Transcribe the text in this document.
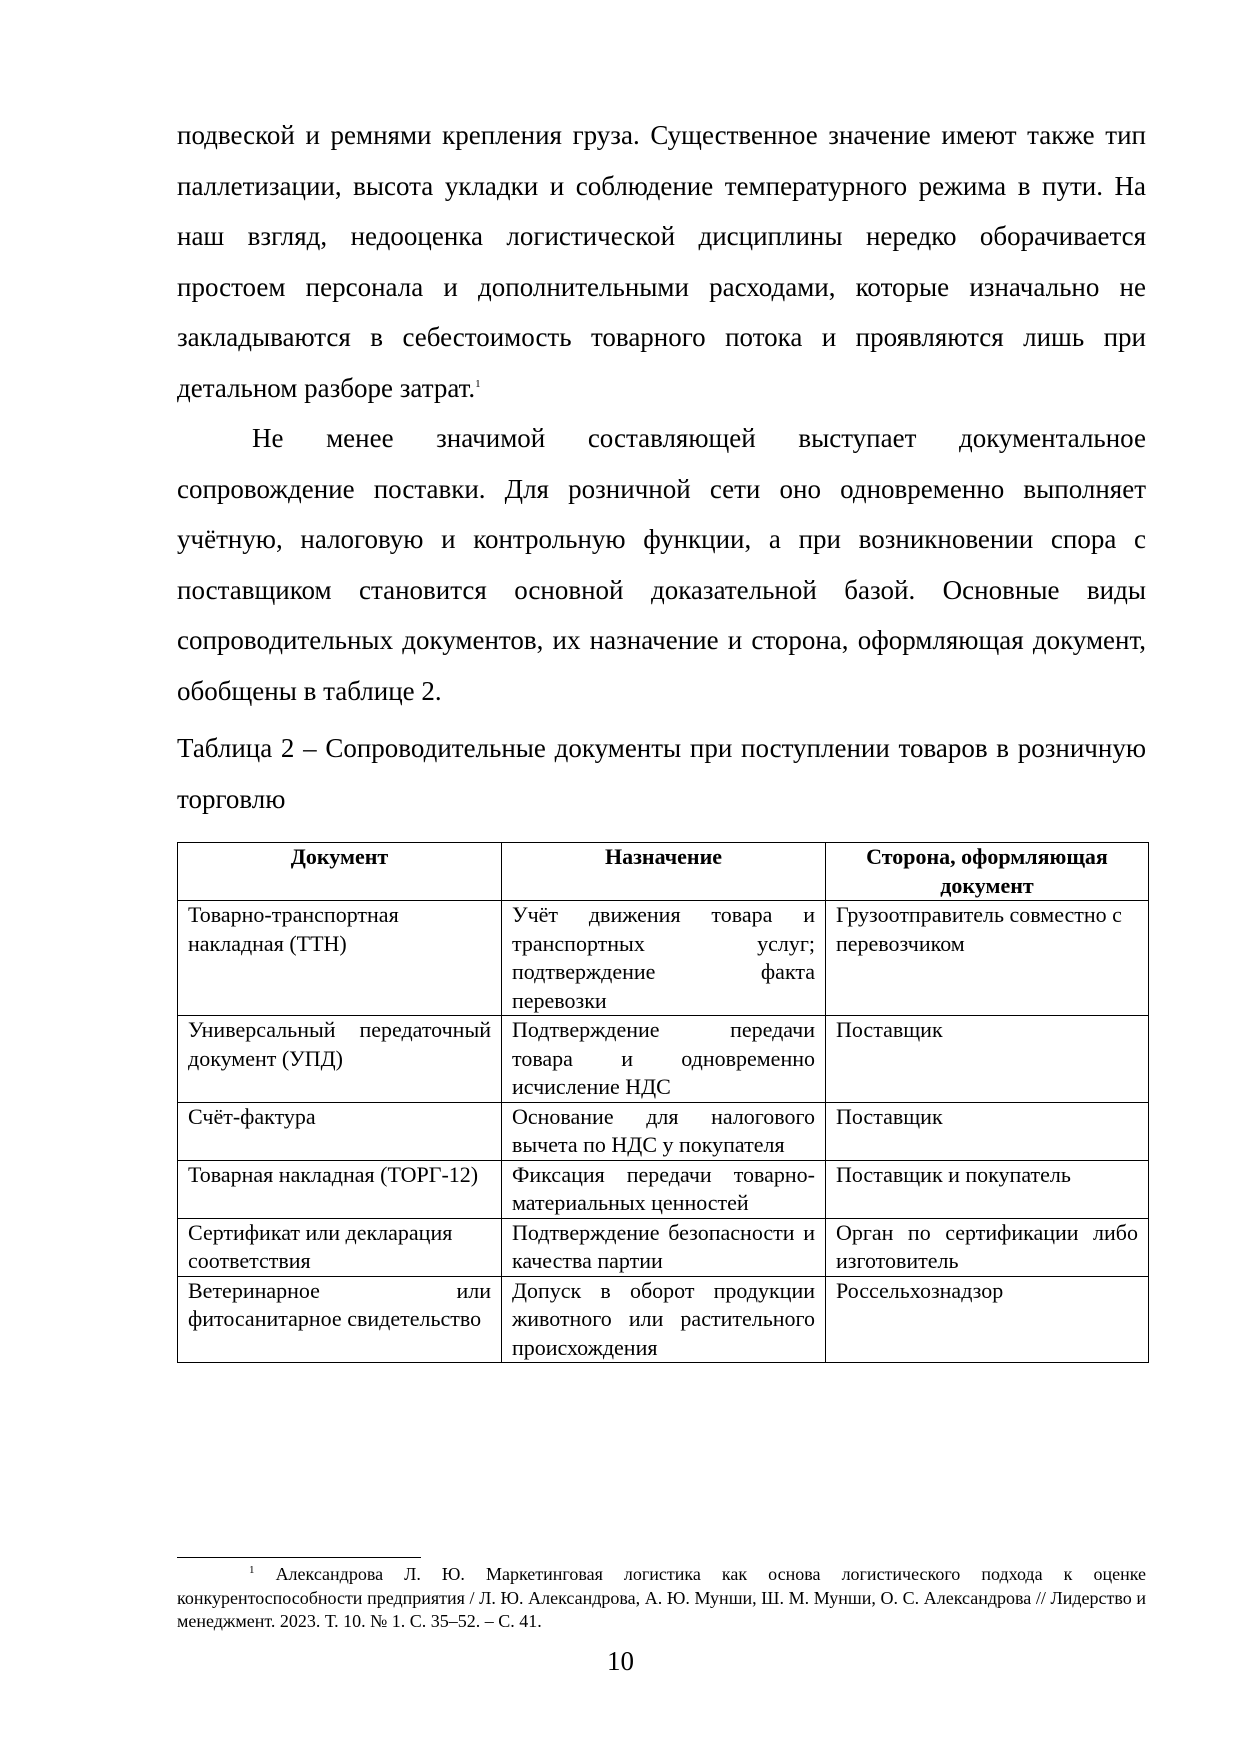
подвеской и ремнями крепления груза. Существенное значение имеют также тип паллетизации, высота укладки и соблюдение температурного режима в пути. На наш взгляд, недооценка логистической дисциплины нередко оборачивается простоем персонала и дополнительными расходами, которые изначально не закладываются в себестоимость товарного потока и проявляются лишь при детальном разборе затрат.$^1$

Не менее значимой составляющей выступает документальное сопровождение поставки. Для розничной сети оно одновременно выполняет учётную, налоговую и контрольную функции, а при возникновении спора с поставщиком становится основной доказательной базой. Основные виды сопроводительных документов, их назначение и сторона, оформляющая документ, обобщены в таблице 2.

Таблица 2 – Сопроводительные документы при поступлении товаров в розничную торговлю

Документ	Назначение	Сторона, оформляющая документ
Товарно-транспортная накладная (ТТН)	Учёт движения товара и транспортных услуг; подтверждение факта перевозки	Грузоотправитель совместно с перевозчиком
Универсальный передаточный документ (УПД)	Подтверждение передачи товара и одновременно исчисление НДС	Поставщик
Счёт-фактура	Основание для налогового вычета по НДС у покупателя	Поставщик
Товарная накладная (ТОРГ-12)	Фиксация передачи товарно-материальных ценностей	Поставщик и покупатель
Сертификат или декларация соответствия	Подтверждение безопасности и качества партии	Орган по сертификации либо изготовитель
Ветеринарное или фитосанитарное свидетельство	Допуск в оборот продукции животного или растительного происхождения	Россельхознадзор

$^1$ Александрова Л. Ю. Маркетинговая логистика как основа логистического подхода к оценке конкурентоспособности предприятия / Л. Ю. Александрова, А. Ю. Мунши, Ш. М. Мунши, О. С. Александрова // Лидерство и менеджмент. 2023. Т. 10. № 1. С. 35–52. – С. 41.

10
